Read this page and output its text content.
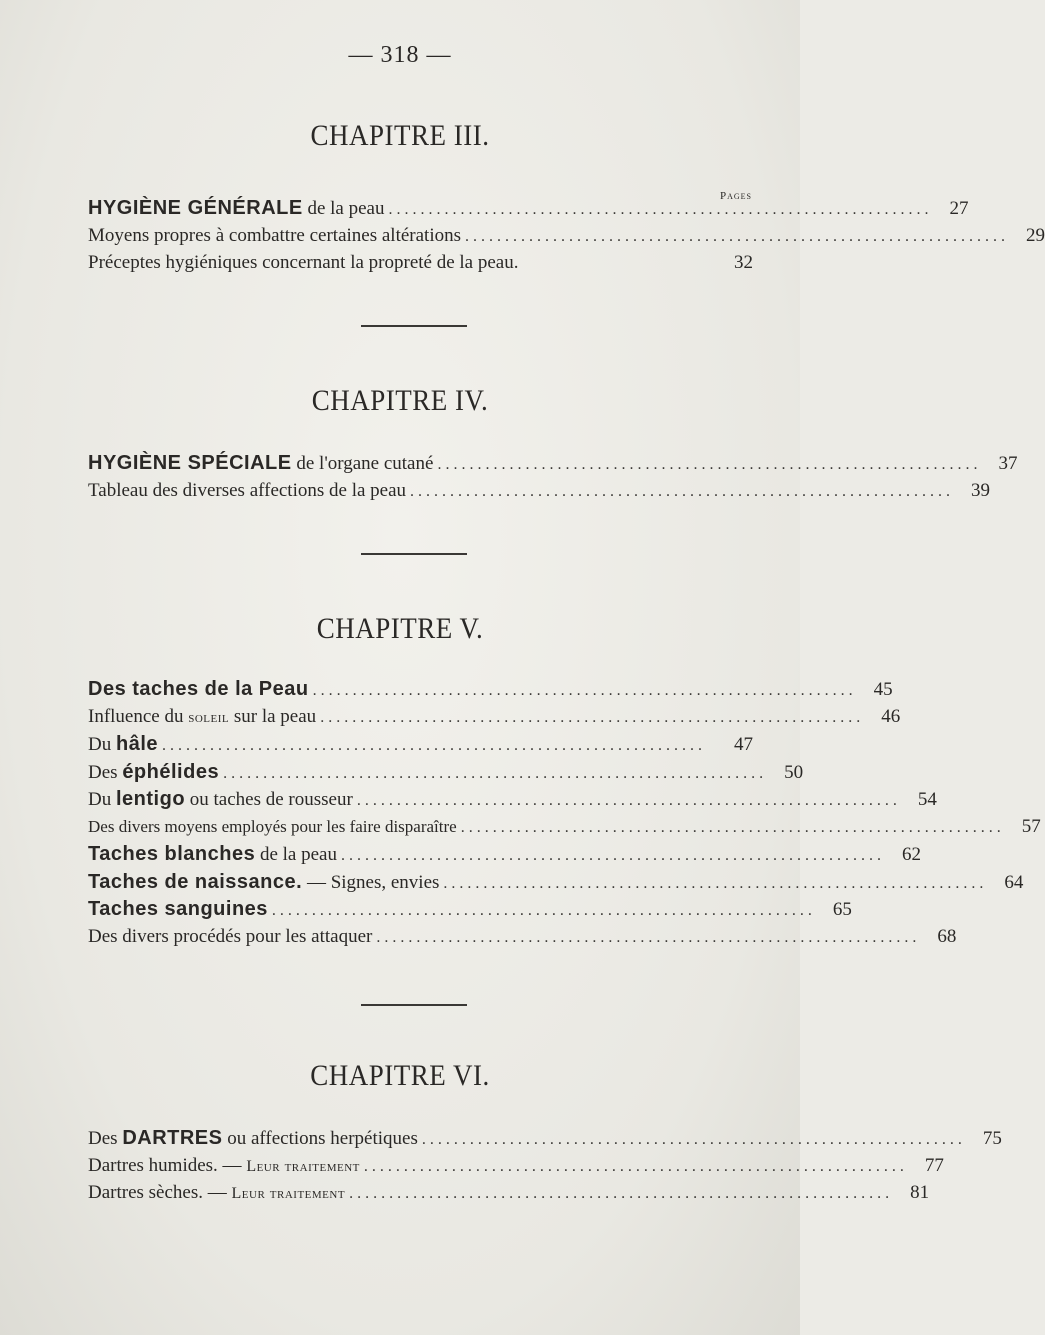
— 318 —
CHAPITRE III.
Pages
HYGIÈNE GÉNÉRALE de la peau .................................................................... 27
Moyens propres à combattre certaines altérations .................................................................... 29
Préceptes hygiéniques concernant la propreté de la peau.	32
CHAPITRE IV.
HYGIÈNE SPÉCIALE de l'organe cutané .................................................................... 37
Tableau des diverses affections de la peau .................................................................... 39
CHAPITRE V.
Des taches de la Peau .................................................................... 45
Influence du soleil sur la peau .................................................................... 46
Du hâle ....................................................................	47
Des éphélides .................................................................... 50
Du lentigo ou taches de rousseur .................................................................... 54
Des divers moyens employés pour les faire disparaître .................................................................... 57
Taches blanches de la peau .................................................................... 62
Taches de naissance. — Signes, envies .................................................................... 64
Taches sanguines .................................................................... 65
Des divers procédés pour les attaquer .................................................................... 68
CHAPITRE VI.
Des DARTRES ou affections herpétiques .................................................................... 75
Dartres humides. — Leur traitement .................................................................... 77
Dartres sèches. — Leur traitement .................................................................... 81
